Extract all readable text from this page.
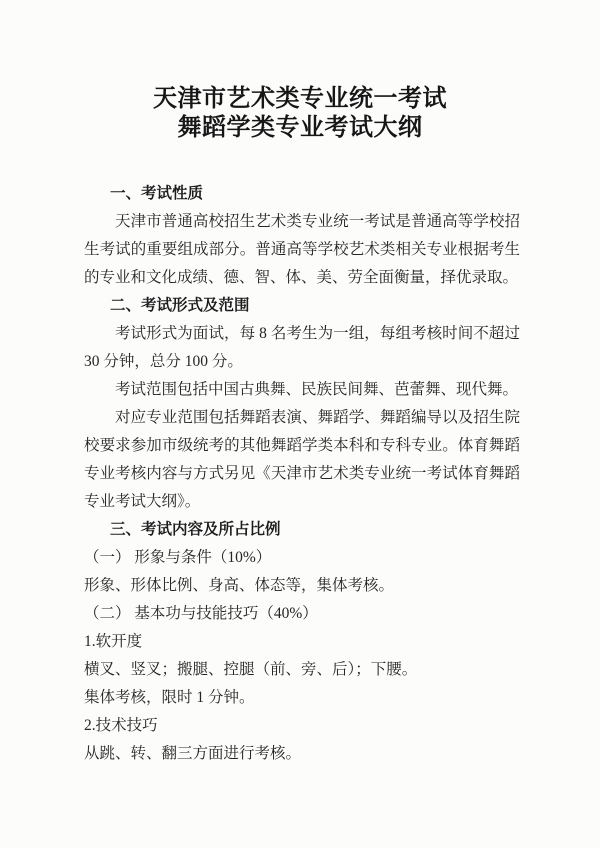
天津市艺术类专业统一考试
舞蹈学类专业考试大纲
一、考试性质

天津市普通高校招生艺术类专业统一考试是普通高等学校招生考试的重要组成部分。普通高等学校艺术类相关专业根据考生的专业和文化成绩、德、智、体、美、劳全面衡量，择优录取。

二、考试形式及范围

考试形式为面试，每 8 名考生为一组，每组考核时间不超过 30 分钟，总分 100 分。

考试范围包括中国古典舞、民族民间舞、芭蕾舞、现代舞。

对应专业范围包括舞蹈表演、舞蹈学、舞蹈编导以及招生院校要求参加市级统考的其他舞蹈学类本科和专科专业。体育舞蹈专业考核内容与方式另见《天津市艺术类专业统一考试体育舞蹈专业考试大纲》。

三、考试内容及所占比例

（一） 形象与条件（10%）

形象、形体比例、身高、体态等，集体考核。

（二） 基本功与技能技巧（40%）

1.软开度

横叉、竖叉；搬腿、控腿（前、旁、后）；下腰。

集体考核，限时 1 分钟。

2.技术技巧

从跳、转、翻三方面进行考核。
